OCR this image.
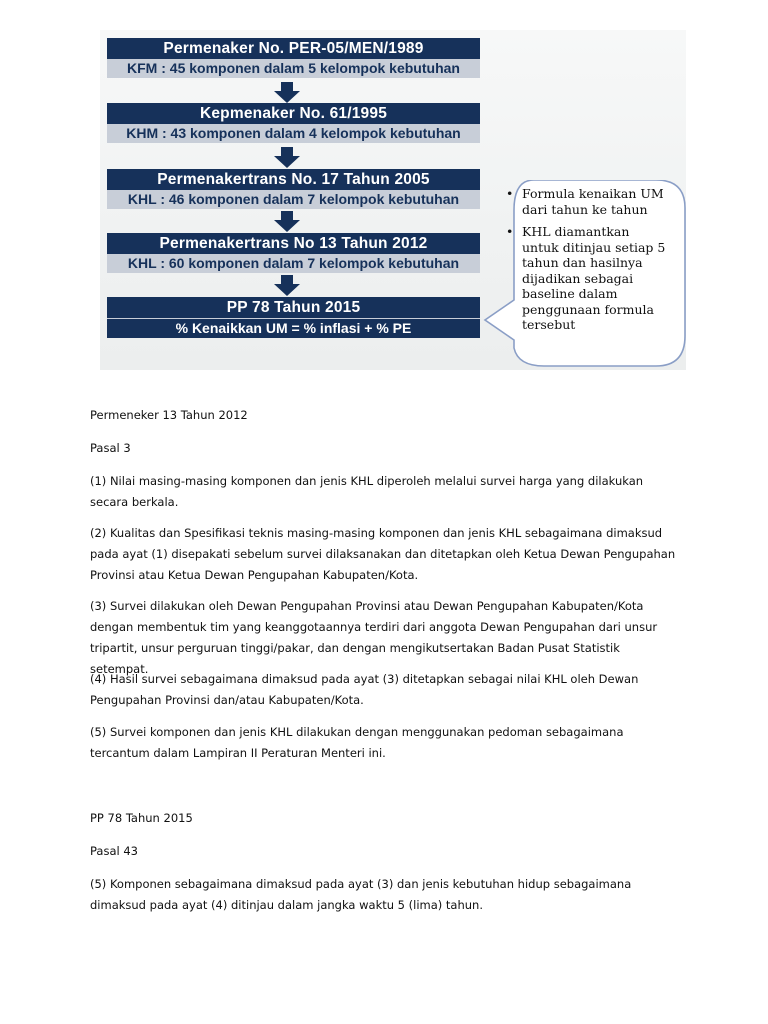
Permenaker No. PER-05/MEN/1989
KFM : 45 komponen dalam 5 kelompok kebutuhan
Kepmenaker No. 61/1995
KHM : 43 komponen dalam 4 kelompok kebutuhan
Permenakertrans No. 17 Tahun 2005
KHL : 46 komponen dalam 7 kelompok kebutuhan
Permenakertrans No 13 Tahun 2012
KHL : 60 komponen dalam 7 kelompok kebutuhan
PP 78 Tahun 2015
% Kenaikkan UM = % inflasi + % PE
• Formula kenaikan UM dari tahun ke tahun
• KHL diamantkan untuk ditinjau setiap 5 tahun dan hasilnya dijadikan sebagai baseline dalam penggunaan formula tersebut

Permeneker 13 Tahun 2012

Pasal 3

(1) Nilai masing-masing komponen dan jenis KHL diperoleh melalui survei harga yang dilakukan secara berkala.

(2) Kualitas dan Spesifikasi teknis masing-masing komponen dan jenis KHL sebagaimana dimaksud pada ayat (1) disepakati sebelum survei dilaksanakan dan ditetapkan oleh Ketua Dewan Pengupahan Provinsi atau Ketua Dewan Pengupahan Kabupaten/Kota.

(3) Survei dilakukan oleh Dewan Pengupahan Provinsi atau Dewan Pengupahan Kabupaten/Kota dengan membentuk tim yang keanggotaannya terdiri dari anggota Dewan Pengupahan dari unsur tripartit, unsur perguruan tinggi/pakar, dan dengan mengikutsertakan Badan Pusat Statistik setempat.

(4) Hasil survei sebagaimana dimaksud pada ayat (3) ditetapkan sebagai nilai KHL oleh Dewan Pengupahan Provinsi dan/atau Kabupaten/Kota.

(5) Survei komponen dan jenis KHL dilakukan dengan menggunakan pedoman sebagaimana tercantum dalam Lampiran II Peraturan Menteri ini.

PP 78 Tahun 2015

Pasal 43

(5) Komponen sebagaimana dimaksud pada ayat (3) dan jenis kebutuhan hidup sebagaimana dimaksud pada ayat (4) ditinjau dalam jangka waktu 5 (lima) tahun.
